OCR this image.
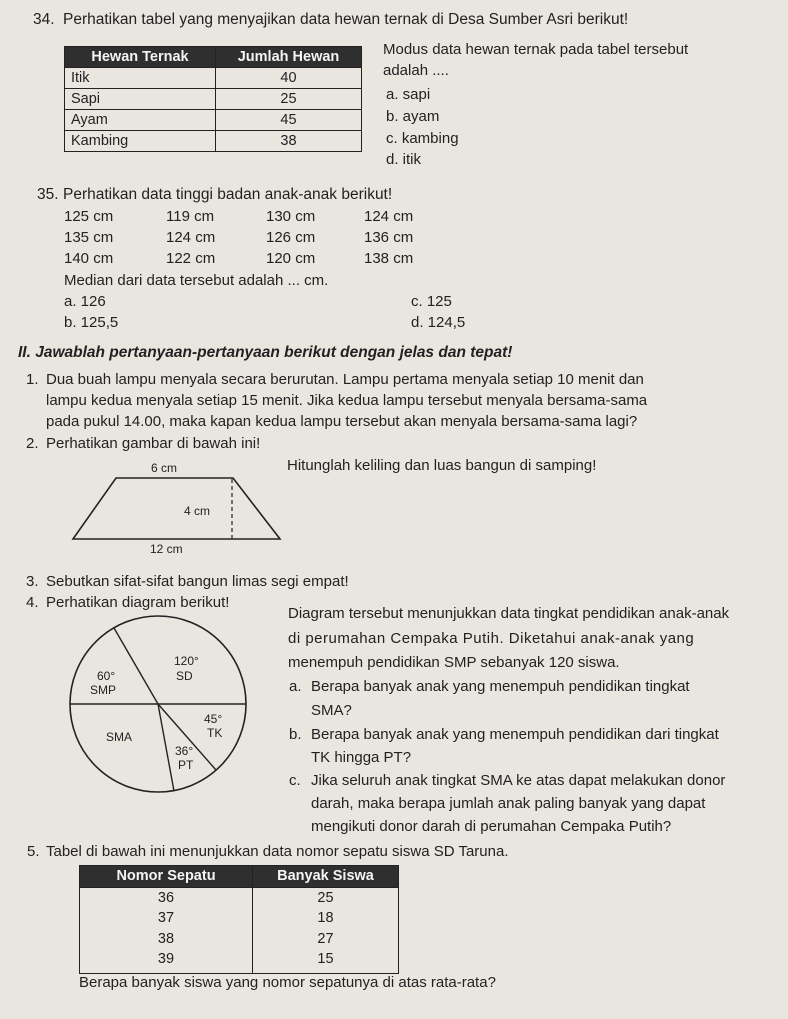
34. Perhatikan tabel yang menyajikan data hewan ternak di Desa Sumber Asri berikut!
Hewan Ternak	Jumlah Hewan
Itik	40
Sapi	25
Ayam	45
Kambing	38
Modus data hewan ternak pada tabel tersebut
adalah ....
a. sapi
b. ayam
c. kambing
d. itik
35. Perhatikan data tinggi badan anak-anak berikut!
125 cm	119 cm	130 cm	124 cm
135 cm	124 cm	126 cm	136 cm
140 cm	122 cm	120 cm	138 cm
Median dari data tersebut adalah ... cm.
a. 126
b. 125,5
c. 125
d. 124,5
II. Jawablah pertanyaan-pertanyaan berikut dengan jelas dan tepat!
1. Dua buah lampu menyala secara berurutan. Lampu pertama menyala setiap 10 menit dan
lampu kedua menyala setiap 15 menit. Jika kedua lampu tersebut menyala bersama-sama
pada pukul 14.00, maka kapan kedua lampu tersebut akan menyala bersama-sama lagi?
2. Perhatikan gambar di bawah ini!
6 cm
4 cm
12 cm
Hitunglah keliling dan luas bangun di samping!
3. Sebutkan sifat-sifat bangun limas segi empat!
4. Perhatikan diagram berikut!
120°
SD
60°
SMP
SMA
45°
TK
36°
PT
Diagram tersebut menunjukkan data tingkat pendidikan anak-anak
di perumahan Cempaka Putih. Diketahui anak-anak yang
menempuh pendidikan SMP sebanyak 120 siswa.
a. Berapa banyak anak yang menempuh pendidikan tingkat
SMA?
b. Berapa banyak anak yang menempuh pendidikan dari tingkat
TK hingga PT?
c. Jika seluruh anak tingkat SMA ke atas dapat melakukan donor
darah, maka berapa jumlah anak paling banyak yang dapat
mengikuti donor darah di perumahan Cempaka Putih?
5. Tabel di bawah ini menunjukkan data nomor sepatu siswa SD Taruna.
Nomor Sepatu	Banyak Siswa
36	25
37	18
38	27
39	15
Berapa banyak siswa yang nomor sepatunya di atas rata-rata?
